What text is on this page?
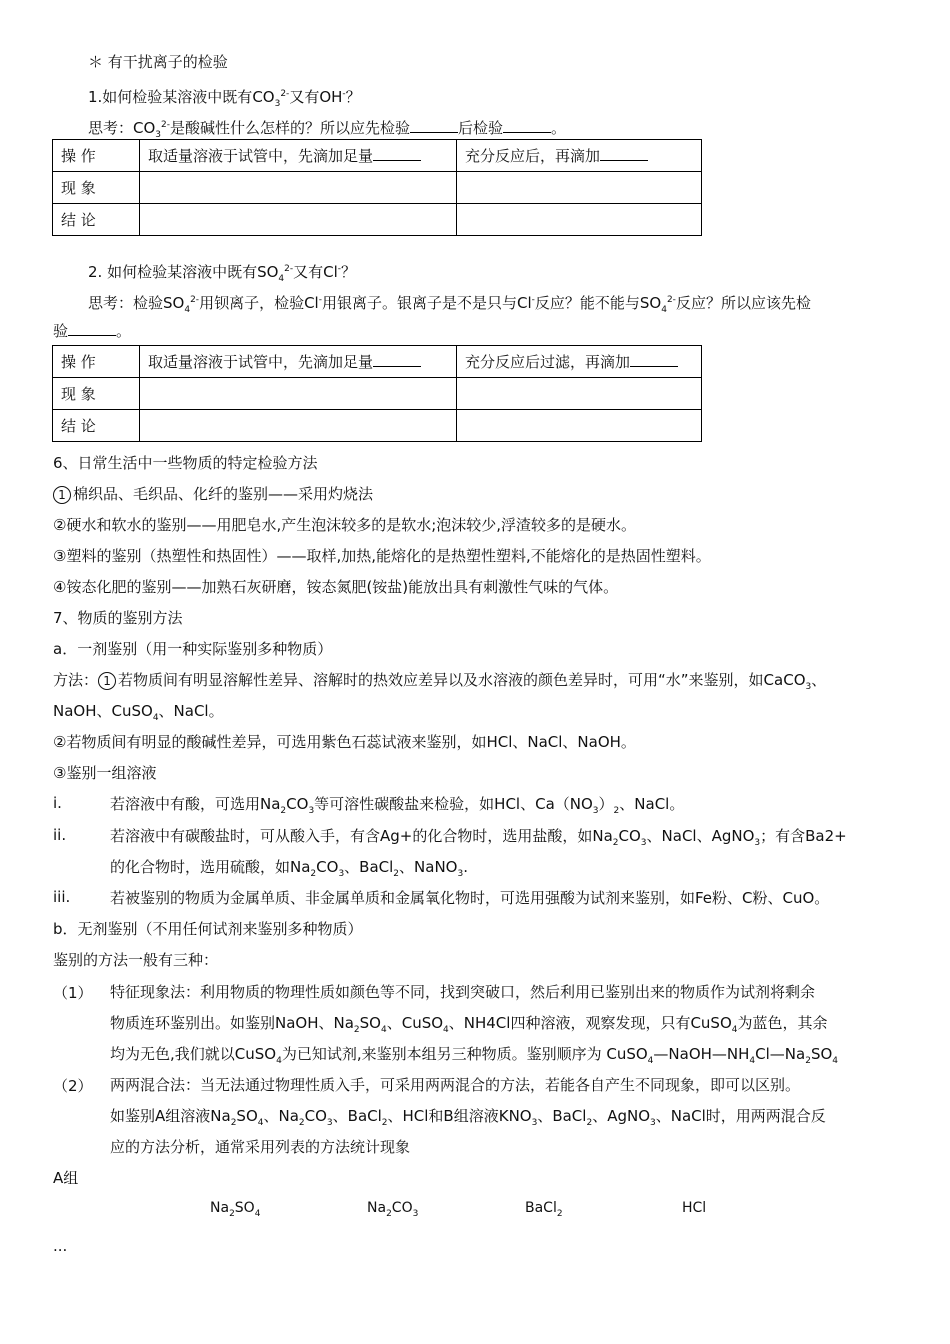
＊ 有干扰离子的检验
1.如何检验某溶液中既有$CO_3^{2-}$又有OH-？
思考：$CO_3^{2-}$是酸碱性什么怎样的？所以应先检验	后检验	。
操 作	取适量溶液于试管中，先滴加足量	充分反应后，再滴加
现 象		
结 论		
2. 如何检验某溶液中既有$SO_4^{2-}$又有Cl-？
思考：检验$SO_4^{2-}$用钡离子，检验Cl-用银离子。银离子是不是只与Cl-反应？能不能与$SO_4^{2-}$反应？所以应该先检
验	。
操 作	取适量溶液于试管中，先滴加足量	充分反应后过滤，再滴加
现 象		
结 论		
6、日常生活中一些物质的特定检验方法
1 棉织品、毛织品、化纤的鉴别——采用灼烧法
②硬水和软水的鉴别——用肥皂水,产生泡沫较多的是软水;泡沫较少,浮渣较多的是硬水。
③塑料的鉴别（热塑性和热固性）——取样,加热,能熔化的是热塑性塑料,不能熔化的是热固性塑料。
④铵态化肥的鉴别——加熟石灰研磨，铵态氮肥(铵盐)能放出具有刺激性气味的气体。
7、物质的鉴别方法
a．一剂鉴别（用一种实际鉴别多种物质）
方法： 1 若物质间有明显溶解性差异、溶解时的热效应差异以及水溶液的颜色差异时，可用“水”来鉴别，如CaCO$_3$、
NaOH、CuSO$_4$、NaCl。
②若物质间有明显的酸碱性差异，可选用紫色石蕊试液来鉴别，如HCl、NaCl、NaOH。
③鉴别一组溶液
i.	若溶液中有酸，可选用$Na_2CO_3$等可溶性碳酸盐来检验，如HCl、$Ca(NO_3)_2$、NaCl。
ii.	若溶液中有碳酸盐时，可从酸入手，有含Ag+的化合物时，选用盐酸，如$Na_2CO_3$、NaCl、AgNO$_3$；有含Ba2+
的化合物时，选用硫酸，如$Na_2CO_3$、BaCl$_2$、NaNO$_3$.
iii.	若被鉴别的物质为金属单质、非金属单质和金属氧化物时，可选用强酸为试剂来鉴别，如Fe粉、C粉、CuO。
b．无剂鉴别（不用任何试剂来鉴别多种物质）
鉴别的方法一般有三种：
（1） 特征现象法：利用物质的物理性质如颜色等不同，找到突破口，然后利用已鉴别出来的物质作为试剂将剩余
物质连环鉴别出。如鉴别NaOH、$Na_2SO_4$、CuSO$_4$、NH4Cl四种溶液，观察发现，只有CuSO$_4$为蓝色，其余
均为无色,我们就以CuSO$_4$为已知试剂,来鉴别本组另三种物质。鉴别顺序为 $CuSO_4—NaOH—NH_4Cl—Na_2SO_4$
（2） 两两混合法：当无法通过物理性质入手，可采用两两混合的方法，若能各自产生不同现象，即可以区别。
如鉴别A组溶液$Na_2SO_4$、$Na_2CO_3$、BaCl$_2$、HCl和B组溶液$KNO_3$、BaCl$_2$、AgNO$_3$、NaCl时，用两两混合反
应的方法分析，通常采用列表的方法统计现象
A组
$Na_2SO_4$	$Na_2CO_3$	BaCl$_2$	HCl
...
